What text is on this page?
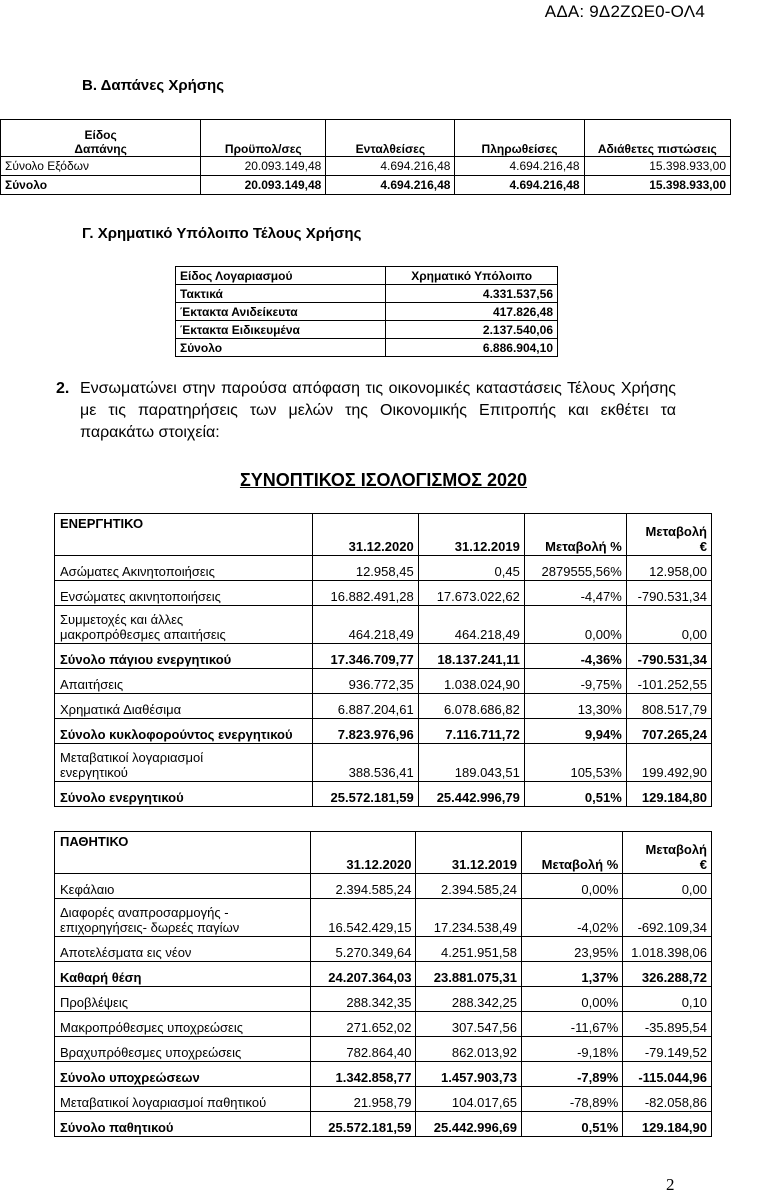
ΑΔΑ: 9Δ2ΖΩΕ0-ΟΛ4
Β. Δαπάνες Χρήσης
Είδος
Δαπάνης	Προϋπολ/σες	Ενταλθείσες	Πληρωθείσες	Αδιάθετες πιστώσεις
Σύνολο Εξόδων	20.093.149,48	4.694.216,48	4.694.216,48	15.398.933,00
Σύνολο	20.093.149,48	4.694.216,48	4.694.216,48	15.398.933,00
Γ. Χρηματικό Υπόλοιπο Τέλους Χρήσης
Είδος Λογαριασμού	Χρηματικό Υπόλοιπο
Τακτικά	4.331.537,56
Έκτακτα Ανιδείκευτα	417.826,48
Έκτακτα Ειδικευμένα	2.137.540,06
Σύνολο	6.886.904,10
2. Ενσωματώνει στην παρούσα απόφαση τις οικονομικές καταστάσεις Τέλους Χρήσης με τις παρατηρήσεις των μελών της Οικονομικής Επιτροπής και εκθέτει τα παρακάτω στοιχεία:
ΣΥΝΟΠΤΙΚΟΣ ΙΣΟΛΟΓΙΣΜΟΣ 2020
ΕΝΕΡΓΗΤΙΚΟ	31.12.2020	31.12.2019	Μεταβολή %	Μεταβολή
€
Ασώματες Ακινητοποιήσεις	12.958,45	0,45	2879555,56%	12.958,00
Ενσώματες ακινητοποιήσεις	16.882.491,28	17.673.022,62	-4,47%	-790.531,34
Συμμετοχές και άλλες
μακροπρόθεσμες απαιτήσεις	464.218,49	464.218,49	0,00%	0,00
Σύνολο πάγιου ενεργητικού	17.346.709,77	18.137.241,11	-4,36%	-790.531,34
Απαιτήσεις	936.772,35	1.038.024,90	-9,75%	-101.252,55
Χρηματικά Διαθέσιμα	6.887.204,61	6.078.686,82	13,30%	808.517,79
Σύνολο κυκλοφορούντος ενεργητικού	7.823.976,96	7.116.711,72	9,94%	707.265,24
Μεταβατικοί λογαριασμοί
ενεργητικού	388.536,41	189.043,51	105,53%	199.492,90
Σύνολο ενεργητικού	25.572.181,59	25.442.996,79	0,51%	129.184,80
ΠΑΘΗΤΙΚΟ	31.12.2020	31.12.2019	Μεταβολή %	Μεταβολή
€
Κεφάλαιο	2.394.585,24	2.394.585,24	0,00%	0,00
Διαφορές αναπροσαρμογής -
επιχορηγήσεις- δωρεές παγίων	16.542.429,15	17.234.538,49	-4,02%	-692.109,34
Αποτελέσματα εις νέον	5.270.349,64	4.251.951,58	23,95%	1.018.398,06
Καθαρή θέση	24.207.364,03	23.881.075,31	1,37%	326.288,72
Προβλέψεις	288.342,35	288.342,25	0,00%	0,10
Μακροπρόθεσμες υποχρεώσεις	271.652,02	307.547,56	-11,67%	-35.895,54
Βραχυπρόθεσμες υποχρεώσεις	782.864,40	862.013,92	-9,18%	-79.149,52
Σύνολο υποχρεώσεων	1.342.858,77	1.457.903,73	-7,89%	-115.044,96
Μεταβατικοί λογαριασμοί παθητικού	21.958,79	104.017,65	-78,89%	-82.058,86
Σύνολο παθητικού	25.572.181,59	25.442.996,69	0,51%	129.184,90
2
